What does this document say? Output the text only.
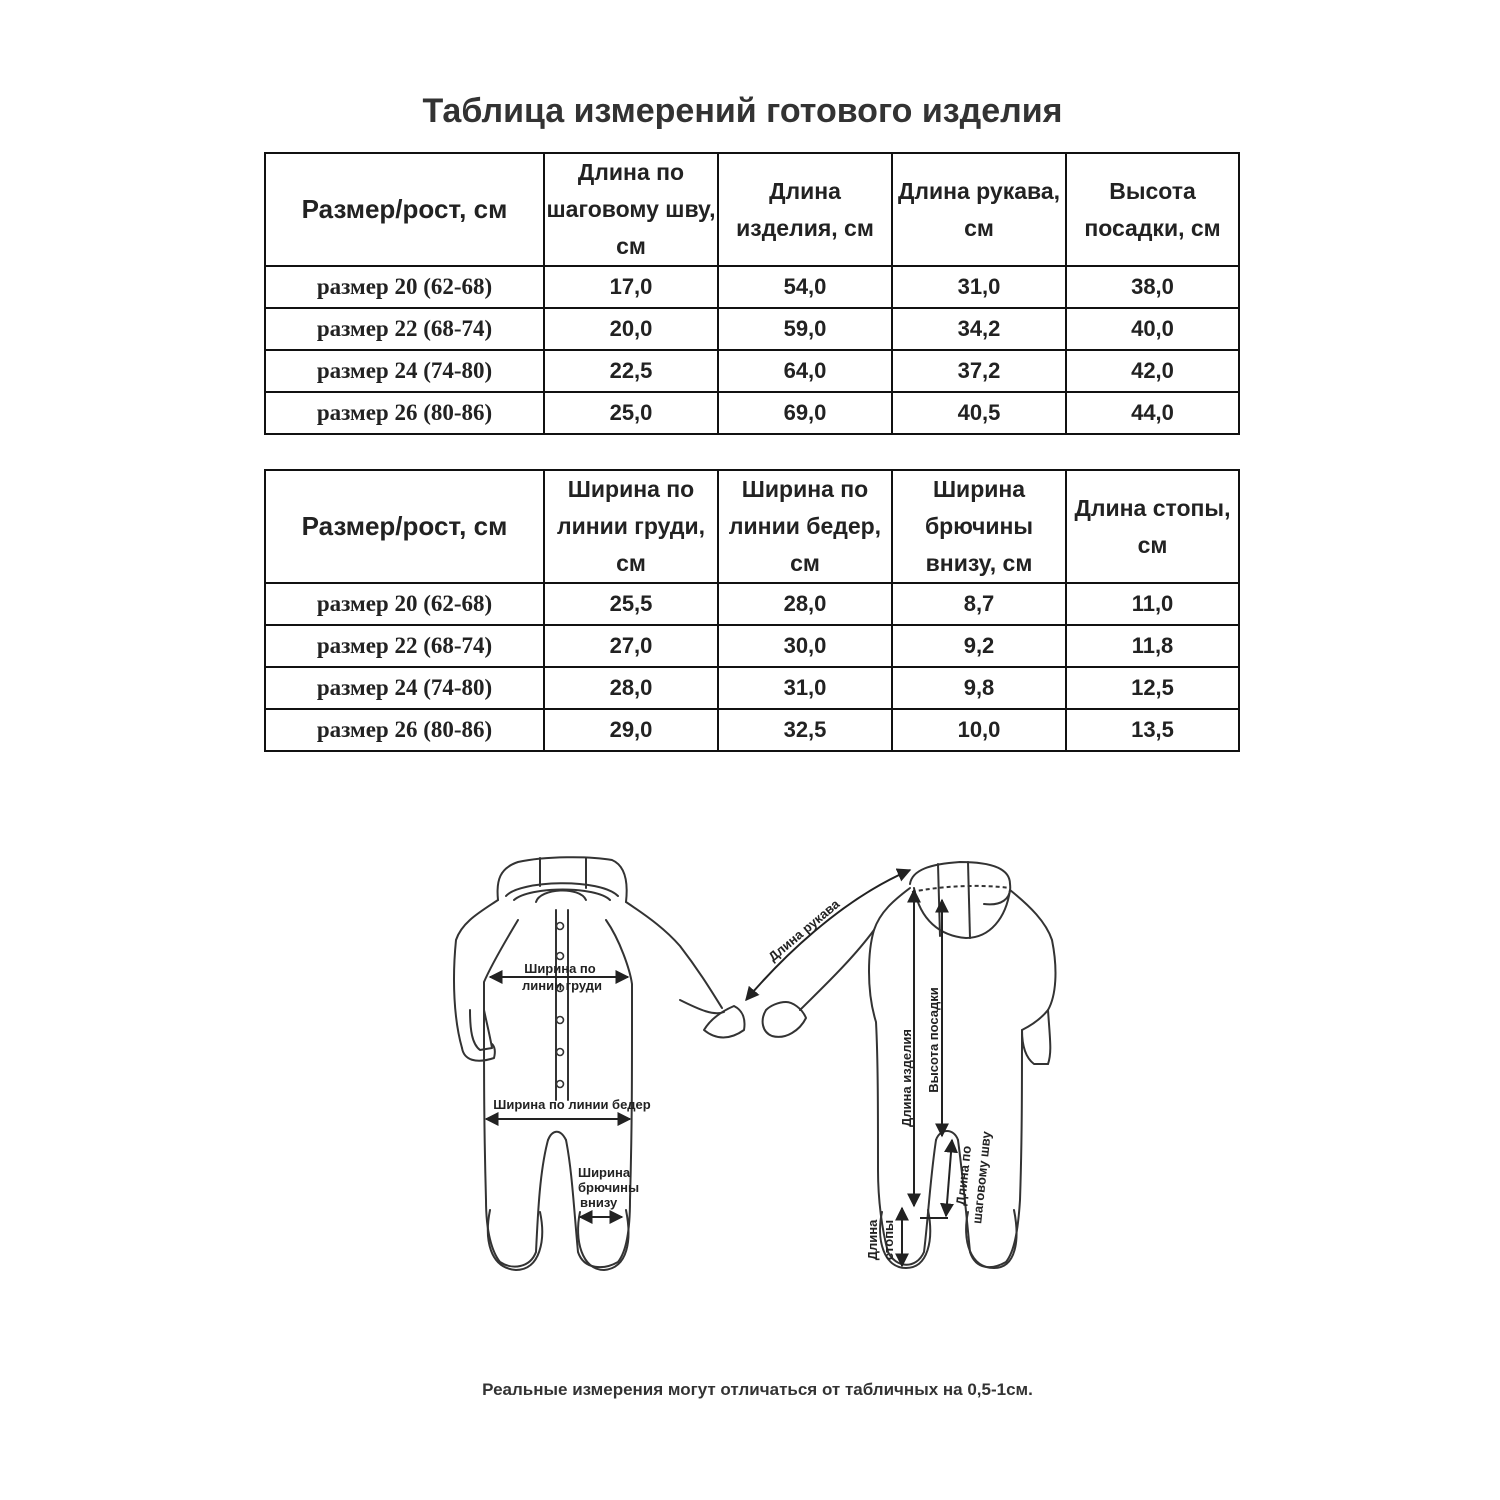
Таблица измерений готового изделия
Размер/рост, см	Длина по шаговому шву, см	Длина изделия, см	Длина рукава, см	Высота посадки, см
размер 20 (62-68)	17,0	54,0	31,0	38,0
размер 22 (68-74)	20,0	59,0	34,2	40,0
размер 24 (74-80)	22,5	64,0	37,2	42,0
размер 26 (80-86)	25,0	69,0	40,5	44,0
Размер/рост, см	Ширина по линии груди, см	Ширина по линии бедер, см	Ширина брючины внизу, см	Длина стопы, см
размер 20 (62-68)	25,5	28,0	8,7	11,0
размер 22 (68-74)	27,0	30,0	9,2	11,8
размер 24 (74-80)	28,0	31,0	9,8	12,5
размер 26 (80-86)	29,0	32,5	10,0	13,5
Ширина по
линии груди
Ширина по линии бедер
Ширина
брючины
внизу
Длина рукава
Длина изделия Высота посадки
Длина по
шаговому шву
Длина стопы
Реальные измерения могут отличаться от табличных на 0,5-1см.
